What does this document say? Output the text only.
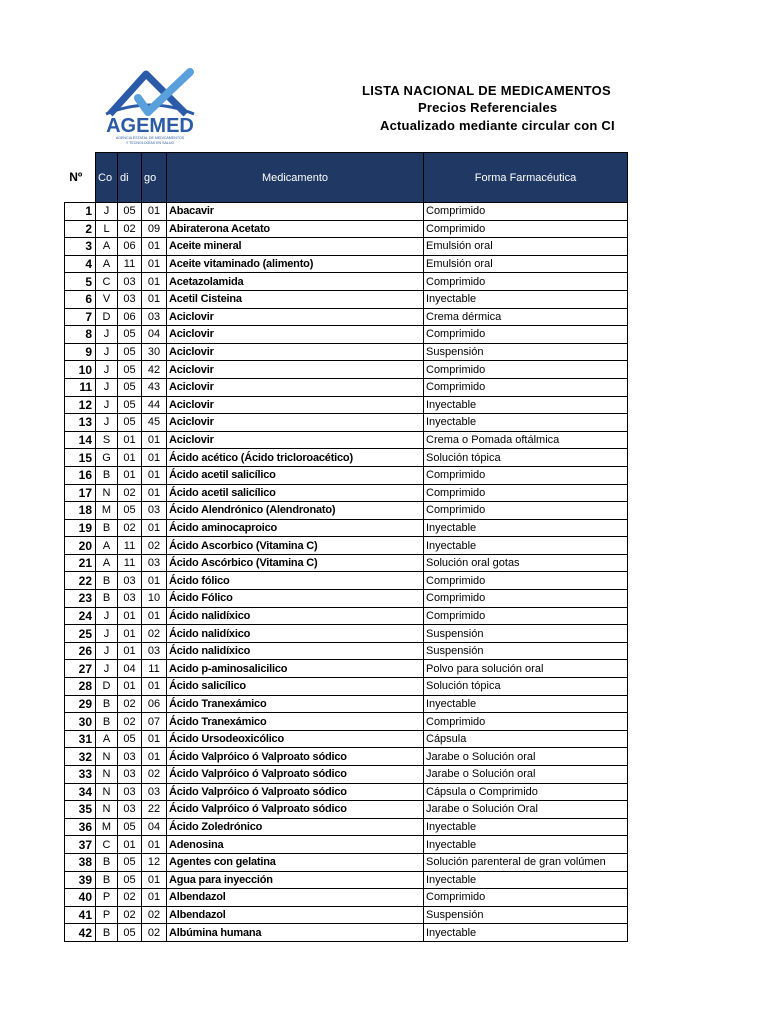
AGEMED
AGENCIA ESTATAL DE MEDICAMENTOS
Y TECNOLOGÍAS EN SALUD
LISTA NACIONAL DE MEDICAMENTOS
Precios Referenciales
Actualizado mediante circular con CI
Nº	Co	di	go	Medicamento	Forma Farmacéutica
1	J	05	01	Abacavir	Comprimido
2	L	02	09	Abiraterona Acetato	Comprimido
3	A	06	01	Aceite mineral	Emulsión oral
4	A	11	01	Aceite vitaminado (alimento)	Emulsión oral
5	C	03	01	Acetazolamida	Comprimido
6	V	03	01	Acetil Cisteina	Inyectable
7	D	06	03	Aciclovir	Crema dérmica
8	J	05	04	Aciclovir	Comprimido
9	J	05	30	Aciclovir	Suspensión
10	J	05	42	Aciclovir	Comprimido
11	J	05	43	Aciclovir	Comprimido
12	J	05	44	Aciclovir	Inyectable
13	J	05	45	Aciclovir	Inyectable
14	S	01	01	Aciclovir	Crema o Pomada oftálmica
15	G	01	01	Ácido acético (Ácido tricloroacético)	Solución tópica
16	B	01	01	Ácido acetil salicílico	Comprimido
17	N	02	01	Ácido acetil salicílico	Comprimido
18	M	05	03	Ácido Alendrónico (Alendronato)	Comprimido
19	B	02	01	Ácido aminocaproico	Inyectable
20	A	11	02	Ácido Ascorbico (Vitamina C)	Inyectable
21	A	11	03	Ácido Ascórbico (Vitamina C)	Solución oral gotas
22	B	03	01	Ácido fólico	Comprimido
23	B	03	10	Ácido Fólico	Comprimido
24	J	01	01	Ácido nalidíxico	Comprimido
25	J	01	02	Ácido nalidíxico	Suspensión
26	J	01	03	Ácido nalidíxico	Suspensión
27	J	04	11	Acido p-aminosalicilico	Polvo para solución oral
28	D	01	01	Ácido salicílico	Solución tópica
29	B	02	06	Ácido Tranexámico	Inyectable
30	B	02	07	Ácido Tranexámico	Comprimido
31	A	05	01	Ácido Ursodeoxicólico	Cápsula
32	N	03	01	Ácido Valpróico ó Valproato sódico	Jarabe o Solución oral
33	N	03	02	Ácido Valpróico ó Valproato sódico	Jarabe o Solución oral
34	N	03	03	Ácido Valpróico ó Valproato sódico	Cápsula o Comprimido
35	N	03	22	Ácido Valpróico ó Valproato sódico	Jarabe o Solución Oral
36	M	05	04	Ácido Zoledrónico	Inyectable
37	C	01	01	Adenosina	Inyectable
38	B	05	12	Agentes con gelatina	Solución parenteral de gran volúmen
39	B	05	01	Agua para inyección	Inyectable
40	P	02	01	Albendazol	Comprimido
41	P	02	02	Albendazol	Suspensión
42	B	05	02	Albúmina humana	Inyectable
